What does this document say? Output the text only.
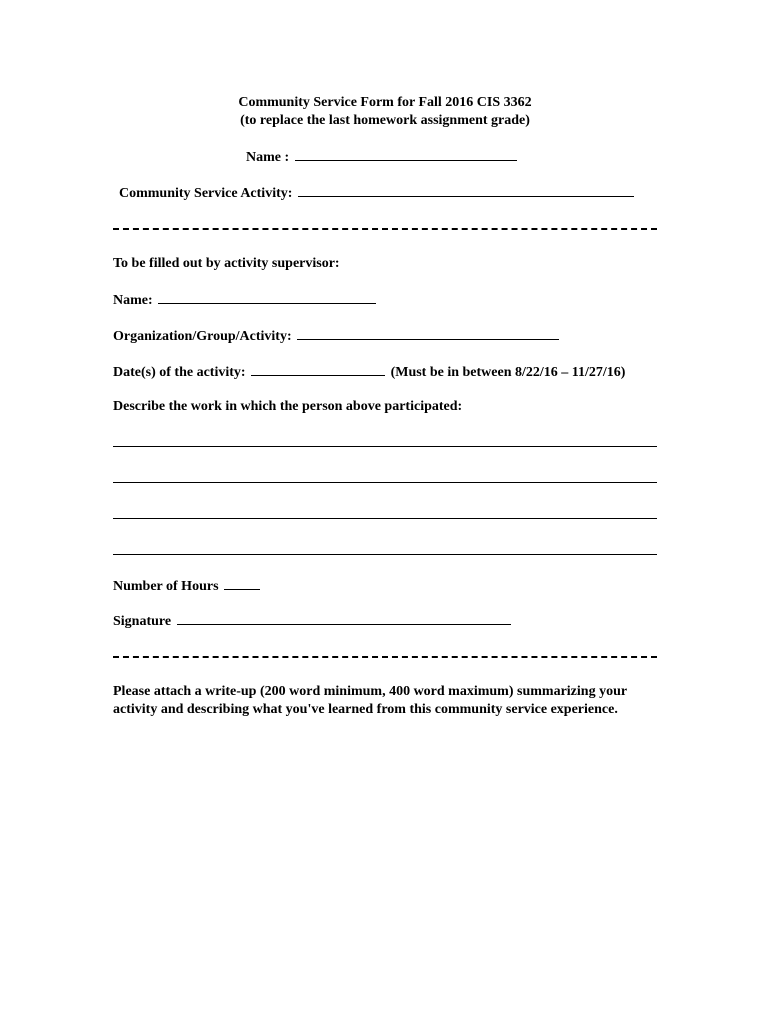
Community Service Form for Fall 2016 CIS 3362
(to replace the last homework assignment grade)
Name :
Community Service Activity:
To be filled out by activity supervisor:
Name:
Organization/Group/Activity:
Date(s) of the activity:	(Must be in between 8/22/16 – 11/27/16)
Describe the work in which the person above participated:
Number of Hours
Signature
Please attach a write-up (200 word minimum, 400 word maximum) summarizing your activity and describing what you've learned from this community service experience.
